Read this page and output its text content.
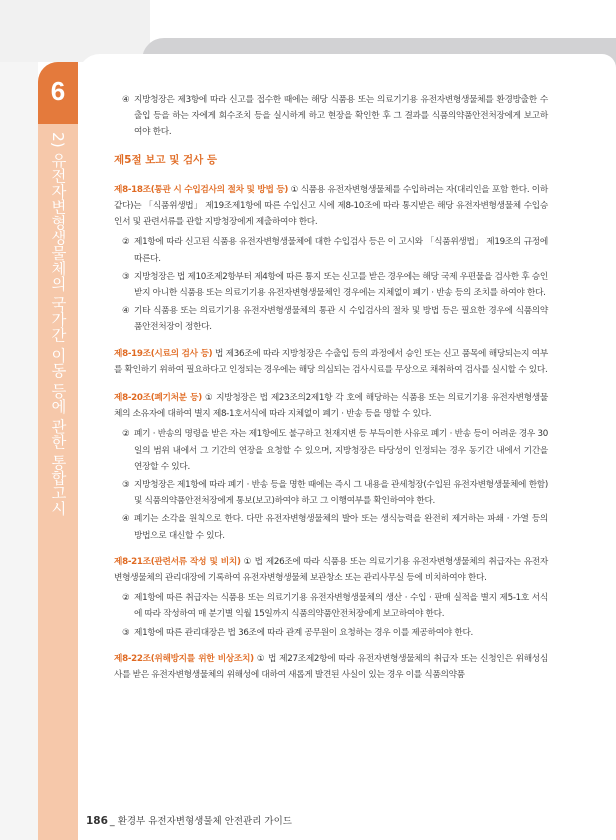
6
2) 유전자변형생물체의 국가간 이동 등에 관한 통합고시

④ 지방청장은 제3항에 따라 신고를 접수한 때에는 해당 식품용 또는 의료기기용 유전자변형생물체를 환경방출한 수출입 등을 하는 자에게 회수조치 등을 실시하게 하고 현장을 확인한 후 그 결과를 식품의약품안전처장에게 보고하여야 한다.

제5절 보고 및 검사 등

제8-18조(통관 시 수입검사의 절차 및 방법 등) ① 식품용 유전자변형생물체를 수입하려는 자(대리인을 포함 한다. 이하 같다)는 「식품위생법」 제19조제1항에 따른 수입신고 시에 제8-10조에 따라 통지받은 해당 유전자변형생물체 수입승인서 및 관련서류를 관할 지방청장에게 제출하여야 한다.

② 제1항에 따라 신고된 식품용 유전자변형생물체에 대한 수입검사 등은 이 고시와 「식품위생법」 제19조의 규정에 따른다.

③ 지방청장은 법 제10조제2항부터 제4항에 따른 통지 또는 신고를 받은 경우에는 해당 국제 우편물을 검사한 후 승인받지 아니한 식품용 또는 의료기기용 유전자변형생물체인 경우에는 지체없이 폐기 · 반송 등의 조치를 하여야 한다.

④ 기타 식품용 또는 의료기기용 유전자변형생물체의 통관 시 수입검사의 절차 및 방법 등은 필요한 경우에 식품의약품안전처장이 정한다.

제8-19조(시료의 검사 등) 법 제36조에 따라 지방청장은 수출입 등의 과정에서 승인 또는 신고 품목에 해당되는지 여부를 확인하기 위하여 필요하다고 인정되는 경우에는 해당 의심되는 검사시료를 무상으로 채취하여 검사를 실시할 수 있다.

제8-20조(폐기처분 등) ① 지방청장은 법 제23조의2제1항 각 호에 해당하는 식품용 또는 의료기기용 유전자변형생물체의 소유자에 대하여 별지 제8-1호서식에 따라 지체없이 폐기 · 반송 등을 명할 수 있다.

② 폐기 · 반송의 명령을 받은 자는 제1항에도 불구하고 천재지변 등 부득이한 사유로 폐기 · 반송 등이 어려운 경우 30일의 범위 내에서 그 기간의 연장을 요청할 수 있으며, 지방청장은 타당성이 인정되는 경우 동기간 내에서 기간을 연장할 수 있다.

③ 지방청장은 제1항에 따라 폐기 · 반송 등을 명한 때에는 즉시 그 내용을 관세청장(수입된 유전자변형생물체에 한함) 및 식품의약품안전처장에게 통보(보고)하여야 하고 그 이행여부를 확인하여야 한다.

④ 폐기는 소각을 원칙으로 한다. 다만 유전자변형생물체의 발아 또는 생식능력을 완전히 제거하는 파쇄 · 가열 등의 방법으로 대신할 수 있다.

제8-21조(관련서류 작성 및 비치) ① 법 제26조에 따라 식품용 또는 의료기기용 유전자변형생물체의 취급자는 유전자변형생물체의 관리대장에 기록하여 유전자변형생물체 보관창소 또는 관리사무실 등에 비치하여야 한다.

② 제1항에 따른 취급자는 식품용 또는 의료기기용 유전자변형생물체의 생산 · 수입 · 판매 실적을 별지 제5-1호 서식에 따라 작성하여 매 분기별 익월 15일까지 식품의약품안전처장에게 보고하여야 한다.

③ 제1항에 따른 관리대장은 법 36조에 따라 관계 공무원이 요청하는 경우 이를 제공하여야 한다.

제8-22조(위해방지를 위한 비상조치) ① 법 제27조제2항에 따라 유전자변형생물체의 취급자 또는 신청인은 위해성심사를 받은 유전자변형생물체의 위해성에 대하여 새롭게 발견된 사실이 있는 경우 이를 식품의약품

186 _ 환경부 유전자변형생물체 안전관리 가이드
